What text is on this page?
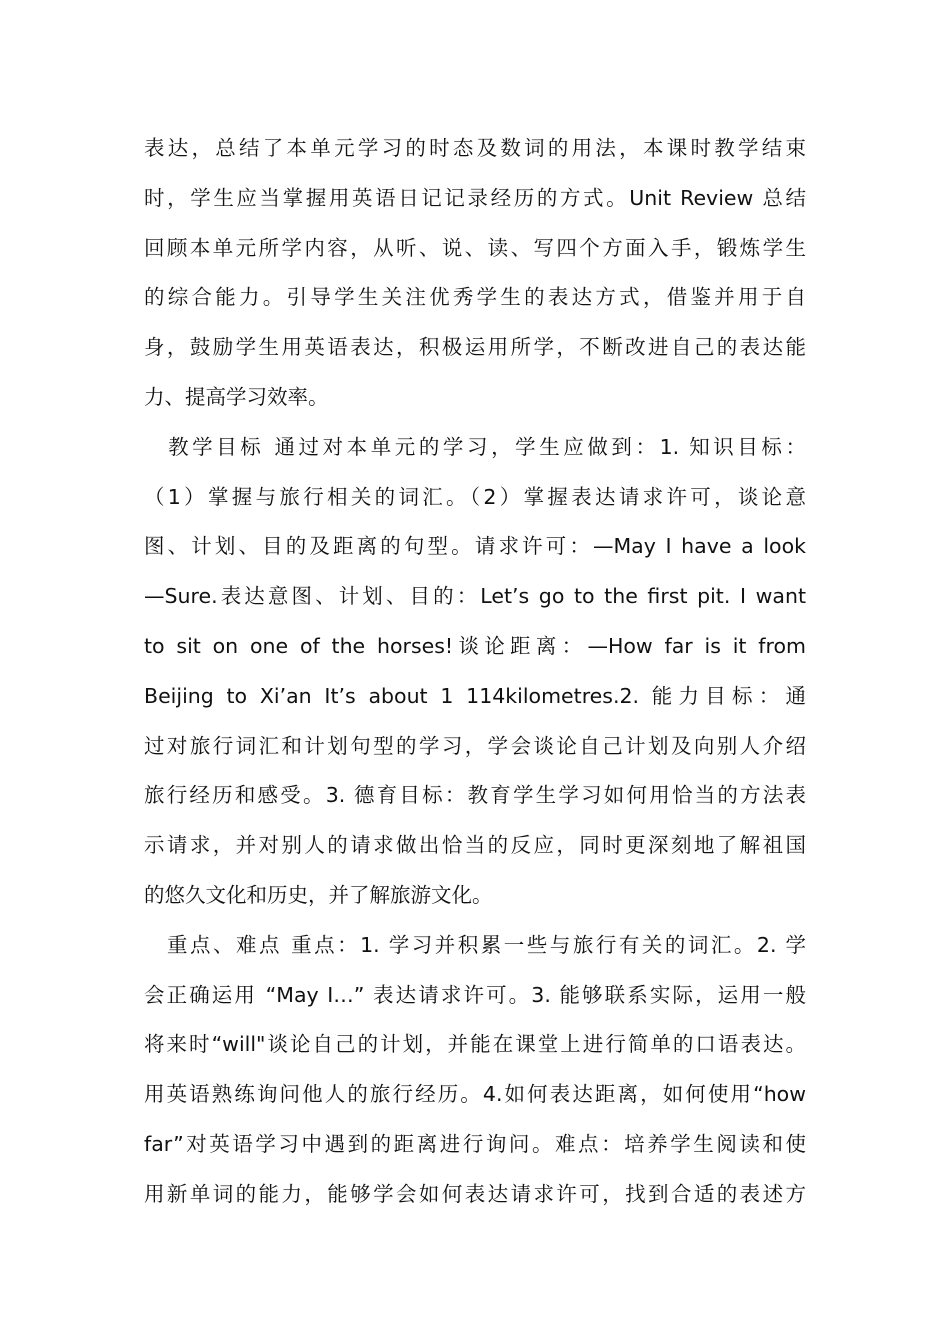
表达，总结了本单元学习的时态及数词的用法，本课时教学结束
时，学生应当掌握用英语日记记录经历的方式。Unit Review 总结
回顾本单元所学内容，从听、说、读、写四个方面入手，锻炼学生
的综合能力。引导学生关注优秀学生的表达方式，借鉴并用于自
身，鼓励学生用英语表达，积极运用所学，不断改进自己的表达能
力、提高学习效率。
　教学目标 通过对本单元的学习，学生应做到：1. 知识目标：
（1）掌握与旅行相关的词汇。（2）掌握表达请求许可，谈论意
图、计划、目的及距离的句型。请求许可：—May I have a look
—Sure.表达意图、计划、目的：Let’s go to the first pit. I want
to sit on one of the horses!谈论距离：—How far is it from
Beijing to Xi’an It’s about 1 114kilometres.2. 能力目标：通
过对旅行词汇和计划句型的学习，学会谈论自己计划及向别人介绍
旅行经历和感受。3. 德育目标：教育学生学习如何用恰当的方法表
示请求，并对别人的请求做出恰当的反应，同时更深刻地了解祖国
的悠久文化和历史，并了解旅游文化。
　重点、难点 重点：1. 学习并积累一些与旅行有关的词汇。2. 学
会正确运用 “May I…” 表达请求许可。3. 能够联系实际，运用一般
将来时“will"谈论自己的计划，并能在课堂上进行简单的口语表达。
用英语熟练询问他人的旅行经历。4.如何表达距离，如何使用“how
far”对英语学习中遇到的距离进行询问。难点：培养学生阅读和使
用新单词的能力，能够学会如何表达请求许可，找到合适的表述方
